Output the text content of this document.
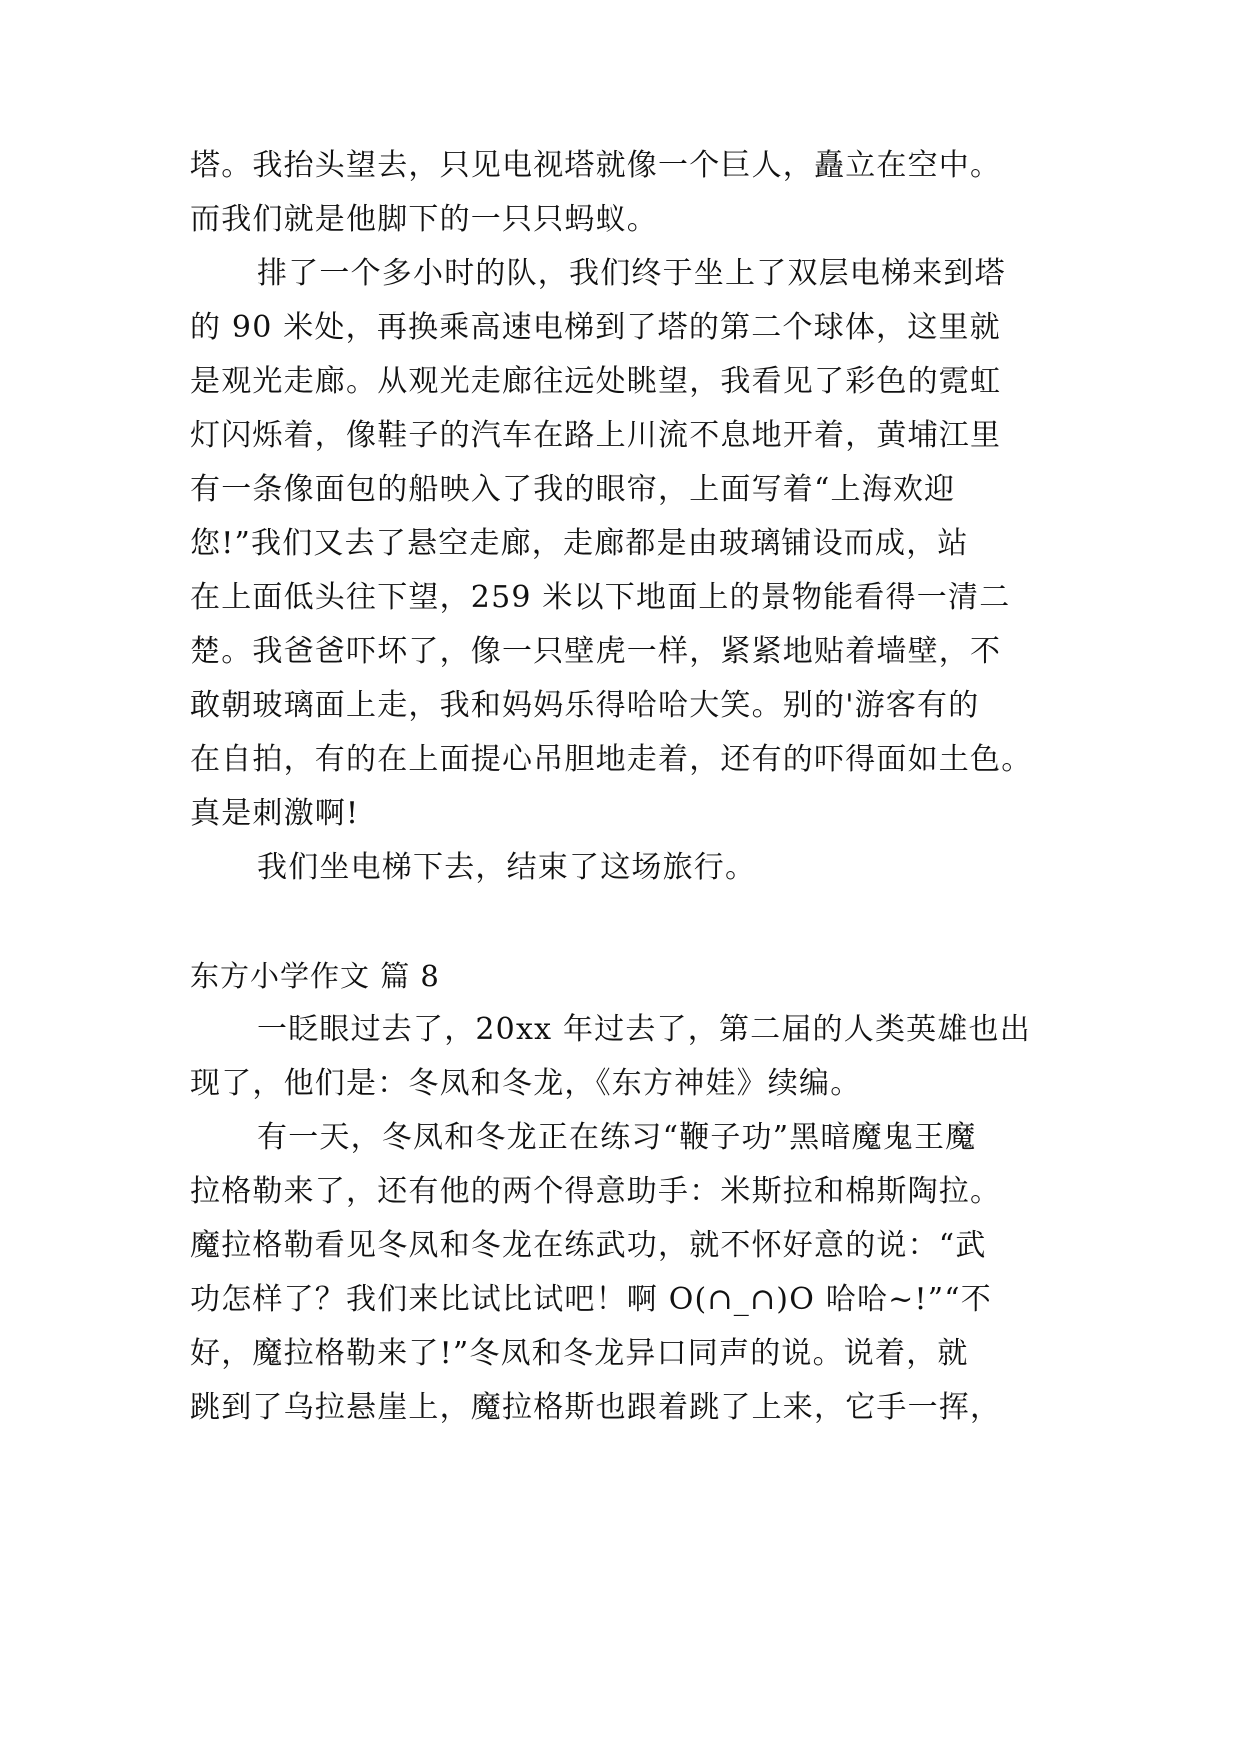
塔。我抬头望去，只见电视塔就像一个巨人，矗立在空中。
而我们就是他脚下的一只只蚂蚁。
排了一个多小时的队，我们终于坐上了双层电梯来到塔
的 90 米处，再换乘高速电梯到了塔的第二个球体，这里就
是观光走廊。从观光走廊往远处眺望，我看见了彩色的霓虹
灯闪烁着，像鞋子的汽车在路上川流不息地开着，黄埔江里
有一条像面包的船映入了我的眼帘，上面写着“上海欢迎
您!”我们又去了悬空走廊，走廊都是由玻璃铺设而成，站
在上面低头往下望，259 米以下地面上的景物能看得一清二
楚。我爸爸吓坏了，像一只壁虎一样，紧紧地贴着墙壁，不
敢朝玻璃面上走，我和妈妈乐得哈哈大笑。别的'游客有的
在自拍，有的在上面提心吊胆地走着，还有的吓得面如土色。
真是刺激啊!
我们坐电梯下去，结束了这场旅行。
东方小学作文 篇 8
一眨眼过去了，20xx 年过去了，第二届的人类英雄也出
现了，他们是：冬凤和冬龙，《东方神娃》续编。
有一天，冬凤和冬龙正在练习“鞭子功”黑暗魔鬼王魔
拉格勒来了，还有他的两个得意助手：米斯拉和棉斯陶拉。
魔拉格勒看见冬凤和冬龙在练武功，就不怀好意的说：“武
功怎样了？我们来比试比试吧！啊 O(∩_∩)O 哈哈~!”“不
好，魔拉格勒来了!”冬凤和冬龙异口同声的说。说着，就
跳到了乌拉悬崖上，魔拉格斯也跟着跳了上来，它手一挥，
